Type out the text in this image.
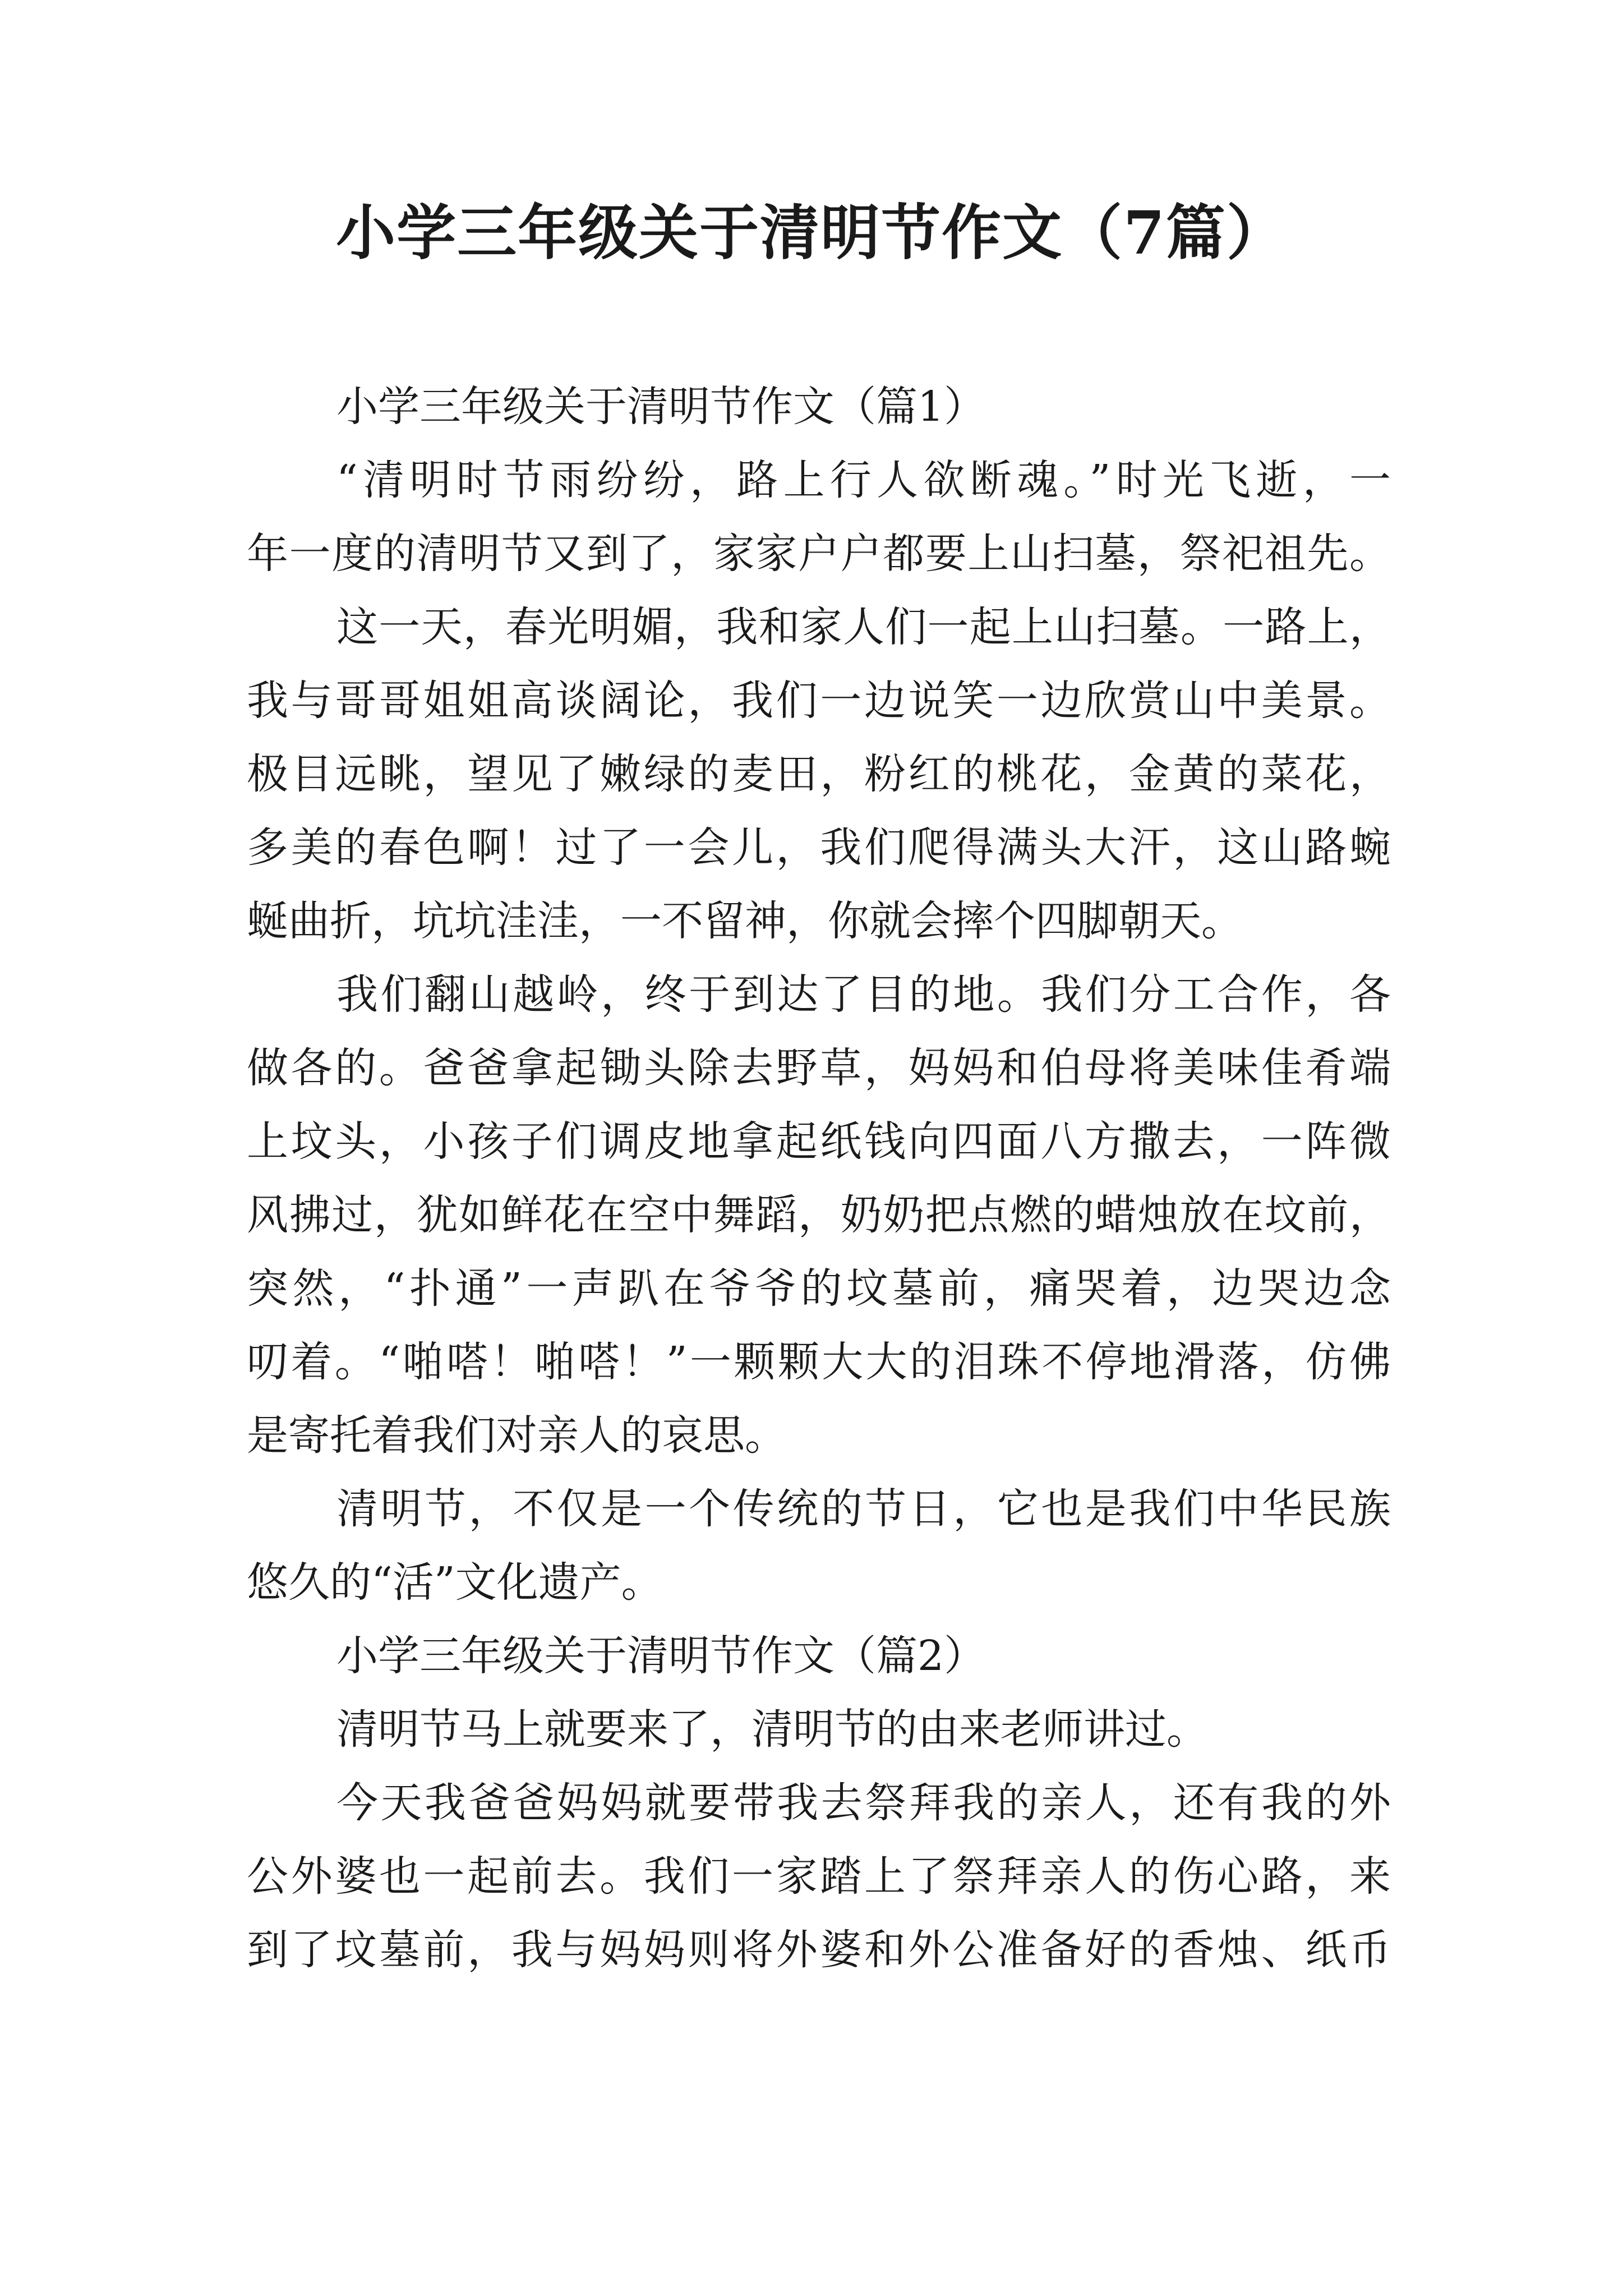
小学三年级关于清明节作文（7篇）
小学三年级关于清明节作文（篇1）
“清明时节雨纷纷，路上行人欲断魂。”时光飞逝，一
年一度的清明节又到了，家家户户都要上山扫墓，祭祀祖先。
这一天，春光明媚，我和家人们一起上山扫墓。一路上，
我与哥哥姐姐高谈阔论，我们一边说笑一边欣赏山中美景。
极目远眺，望见了嫩绿的麦田，粉红的桃花，金黄的菜花，
多美的春色啊！过了一会儿，我们爬得满头大汗，这山路蜿
蜒曲折，坑坑洼洼，一不留神，你就会摔个四脚朝天。
我们翻山越岭，终于到达了目的地。我们分工合作，各
做各的。爸爸拿起锄头除去野草，妈妈和伯母将美味佳肴端
上坟头，小孩子们调皮地拿起纸钱向四面八方撒去，一阵微
风拂过，犹如鲜花在空中舞蹈，奶奶把点燃的蜡烛放在坟前，
突然，“扑通”一声趴在爷爷的坟墓前，痛哭着，边哭边念
叨着。“啪嗒！啪嗒！”一颗颗大大的泪珠不停地滑落，仿佛
是寄托着我们对亲人的哀思。
清明节，不仅是一个传统的节日，它也是我们中华民族
悠久的“活”文化遗产。
小学三年级关于清明节作文（篇2）
清明节马上就要来了，清明节的由来老师讲过。
今天我爸爸妈妈就要带我去祭拜我的亲人，还有我的外
公外婆也一起前去。我们一家踏上了祭拜亲人的伤心路，来
到了坟墓前，我与妈妈则将外婆和外公准备好的香烛、纸币
